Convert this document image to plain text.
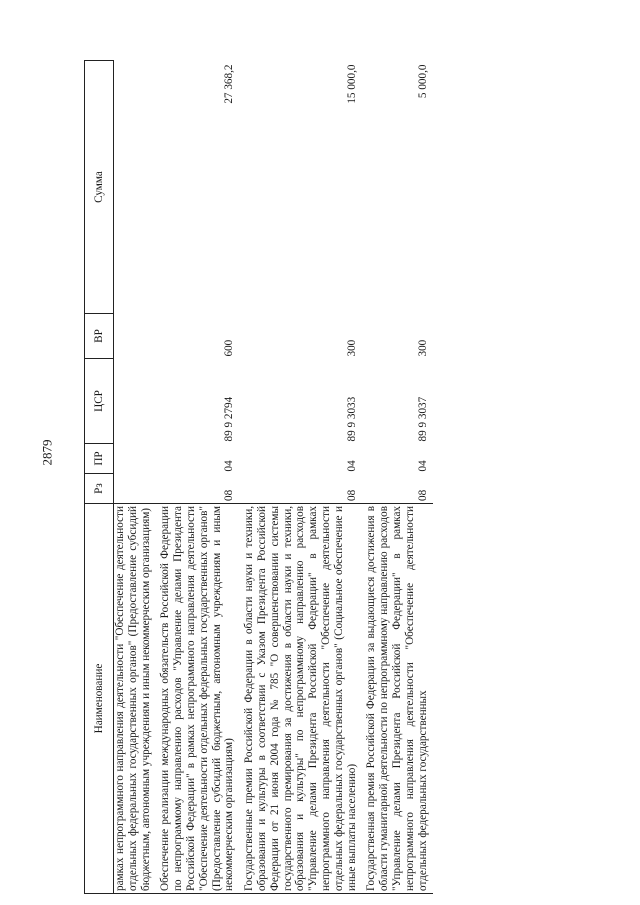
2879
Наименование	Рз	ПР	ЦСР	ВР	Сумма
рамках непрограммного направления деятельности "Обеспечение деятельности отдельных федеральных государственных органов" (Предоставление субсидий бюджетным, автономным учреждениям и иным некоммерческим организациям)					

Обеспечение реализации международных обязательств Российской Федерации по непрограммому направлению расходов "Управление делами Президента Российской Федерации" в рамках непрограммного направления деятельности "Обеспечение деятельности отдельных федеральных государственных органов" (Предоставление субсидий бюджетным, автономным учреждениям и иным некоммерческим организациям)	08	04	89 9 2794	600	27 368,2

Государственные премии Российской Федерации в области науки и техники, образования и культуры в соответствии с Указом Президента Российской Федерации от 21 июня 2004 года № 785 "О совершенствовании системы государственного премирования за достижения в области науки и техники, образования и культуры" по непрограммному направлению расходов "Управление делами Президента Российской Федерации" в рамках непрограммного направления деятельности "Обеспечение деятельности отдельных федеральных государственных органов" (Социальное обеспечение и иные выплаты населению)	08	04	89 9 3033	300	15 000,0

Государственная премия Российской Федерации за выдающиеся достижения в области гуманитарной деятельности по непрограммному направлению расходов "Управление делами Президента Российской Федерации" в рамках непрограммного направления деятельности "Обеспечение деятельности отдельных федеральных государственных	08	04	89 9 3037	300	5 000,0
